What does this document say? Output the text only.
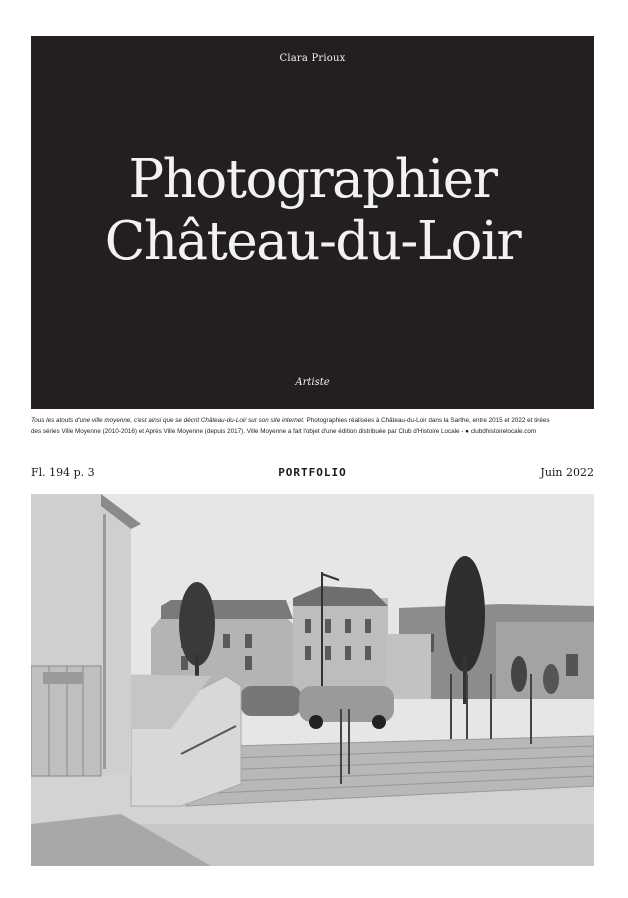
Clara Prioux
Photographier
Château-du-Loir
Artiste
Tous les atouts d'une ville moyenne, c'est ainsi que se décrit Château-du-Loir sur son site internet. Photographies réalisées à Château-du-Loir dans la Sarthe, entre 2015 et 2022 et tirées
des séries Ville Moyenne (2010-2016) et Après Ville Moyenne (depuis 2017). Ville Moyenne a fait l'objet d'une édition distribuée par Club d'Histoire Locale - ● clubdhistoirelocale.com
Fl. 194 p. 3	PORTFOLIO	Juin 2022
